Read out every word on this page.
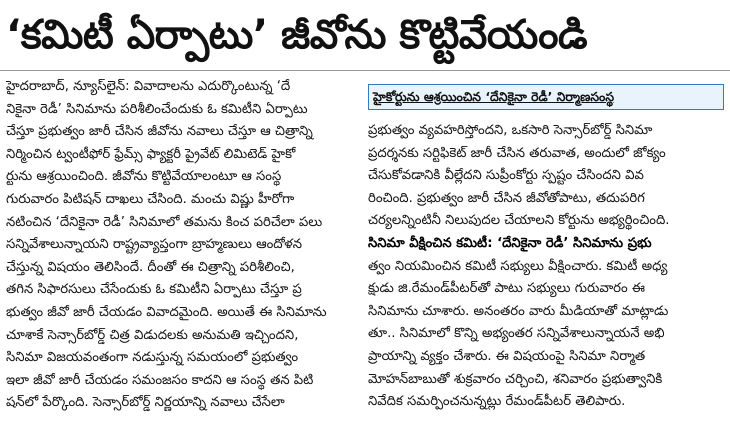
‘కమిటీ ఏర్పాటు’ జీవోను కొట్టివేయండి
హైదరాబాద్, న్యూస్‌లైన్: వివాదాలను ఎదుర్కొంటున్న ‘దే
నికైనా రెడీ’ సినిమాను పరిశీలించేందుకు ఓ కమిటీని ఏర్పాటు
చేస్తూ ప్రభుత్వం జారీ చేసిన జీవోను నవాలు చేస్తూ ఆ చిత్రాన్ని
నిర్మించిన ట్వంటీఫోర్ ఫ్రేమ్స్ ఫ్యాక్టరీ ప్రైవేట్ లిమిటెడ్ హైకో
ర్టును ఆశ్రయించింది. జీవోను కొట్టివేయాలంటూ ఆ సంస్థ
గురువారం పిటిషన్ దాఖలు చేసింది. మంచు విష్ణు హీరోగా
నటించిన ‘దేనికైనా రెడీ’ సినిమాలో తమను కించ పరిచేలా పలు
సన్నివేశాలున్నాయని రాష్ట్రవ్యాప్తంగా బ్రాహ్మణులు ఆందోళన
చేస్తున్న విషయం తెలిసిందే. దీంతో ఈ చిత్రాన్ని పరిశీలించి,
తగిన సిఫారసులు చేసేందుకు ఓ కమిటీని ఏర్పాటు చేస్తూ ప్ర
భుత్వం జీవో జారీ చేయడం వివాదమైంది. అయితే ఈ సినిమాను
చూశాకే సెన్సార్‌బోర్డ్ చిత్ర విడుదలకు అనుమతి ఇచ్చిందని,
సినిమా విజయవంతంగా నడుస్తున్న సమయంలో ప్రభుత్వం
ఇలా జీవో జారీ చేయడం సమంజసం కాదని ఆ సంస్థ తన పిటి
షన్‌లో పేర్కొంది. సెన్సార్‌బోర్డ్ నిర్ణయాన్ని నవాలు చేసేలా
హైకోర్టును ఆశ్రయించిన ‘దేనికైనా రెడీ’ నిర్మాణసంస్థ
ప్రభుత్వం వ్యవహరిస్తోందని, ఒకసారి సెన్సార్‌బోర్డ్ సినిమా
ప్రదర్శనకు సర్టిఫికెట్ జారీ చేసిన తరువాత, అందులో జోక్యం
చేసుకోవడానికి వీల్లేదని సుప్రీంకోర్టు స్పష్టం చేసిందని వివ
రించింది. ప్రభుత్వం జారీ చేసిన జీవోతోపాటు, తదుపరిగ
చర్యలన్నింటినీ నిలుపుదల చేయాలని కోర్టును అభ్యర్థించింది.
సినిమా వీక్షించిన కమిటీ: ‘దేనికైనా రెడీ’ సినిమాను ప్రభు
త్వం నియమించిన కమిటీ సభ్యులు వీక్షించారు. కమిటీ అధ్య
క్షుడు జి.రేమండ్‌పీటర్‌తో పాటు సభ్యులు గురువారం ఈ
సినిమాను చూశారు. అనంతరం వారు మీడియాతో మాట్లాడు
తూ.. సినిమాలో కొన్ని అభ్యంతర సన్నివేశాలున్నాయనే అభి
ప్రాయాన్ని వ్యక్తం చేశారు. ఈ విషయంపై సినిమా నిర్మాత
మోహన్‌బాబుతో శుక్రవారం చర్చించి, శనివారం ప్రభుత్వానికి
నివేదిక సమర్పించనున్నట్లు రేమండ్‌పీటర్ తెలిపారు.
